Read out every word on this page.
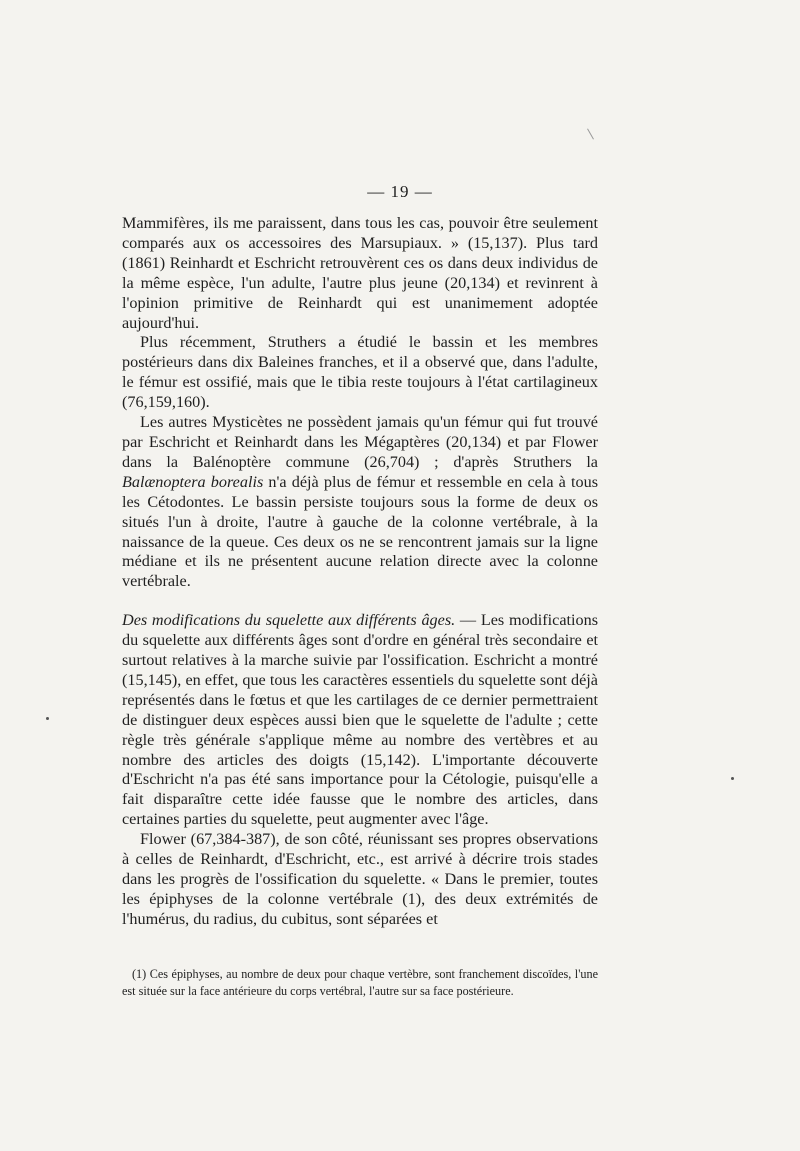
— 19 —

Mammifères, ils me paraissent, dans tous les cas, pouvoir être seulement comparés aux os accessoires des Marsupiaux. » (15,137). Plus tard (1861) Reinhardt et Eschricht retrouvèrent ces os dans deux individus de la même espèce, l'un adulte, l'autre plus jeune (20,134) et revinrent à l'opinion primitive de Reinhardt qui est unanimement adoptée aujourd'hui.

Plus récemment, Struthers a étudié le bassin et les membres postérieurs dans dix Baleines franches, et il a observé que, dans l'adulte, le fémur est ossifié, mais que le tibia reste toujours à l'état cartilagineux (76,159,160).

Les autres Mysticètes ne possèdent jamais qu'un fémur qui fut trouvé par Eschricht et Reinhardt dans les Mégaptères (20,134) et par Flower dans la Balénoptère commune (26,704) ; d'après Struthers la Balænoptera borealis n'a déjà plus de fémur et ressemble en cela à tous les Cétodontes. Le bassin persiste toujours sous la forme de deux os situés l'un à droite, l'autre à gauche de la colonne vertébrale, à la naissance de la queue. Ces deux os ne se rencontrent jamais sur la ligne médiane et ils ne présentent aucune relation directe avec la colonne vertébrale.

Des modifications du squelette aux différents âges. — Les modifications du squelette aux différents âges sont d'ordre en général très secondaire et surtout relatives à la marche suivie par l'ossification. Eschricht a montré (15,145), en effet, que tous les caractères essentiels du squelette sont déjà représentés dans le fœtus et que les cartilages de ce dernier permettraient de distinguer deux espèces aussi bien que le squelette de l'adulte ; cette règle très générale s'applique même au nombre des vertèbres et au nombre des articles des doigts (15,142). L'importante découverte d'Eschricht n'a pas été sans importance pour la Cétologie, puisqu'elle a fait disparaître cette idée fausse que le nombre des articles, dans certaines parties du squelette, peut augmenter avec l'âge.

Flower (67,384-387), de son côté, réunissant ses propres observations à celles de Reinhardt, d'Eschricht, etc., est arrivé à décrire trois stades dans les progrès de l'ossification du squelette. « Dans le premier, toutes les épiphyses de la colonne vertébrale (1), des deux extrémités de l'humérus, du radius, du cubitus, sont séparées et

(1) Ces épiphyses, au nombre de deux pour chaque vertèbre, sont franchement discoïdes, l'une est située sur la face antérieure du corps vertébral, l'autre sur sa face postérieure.
